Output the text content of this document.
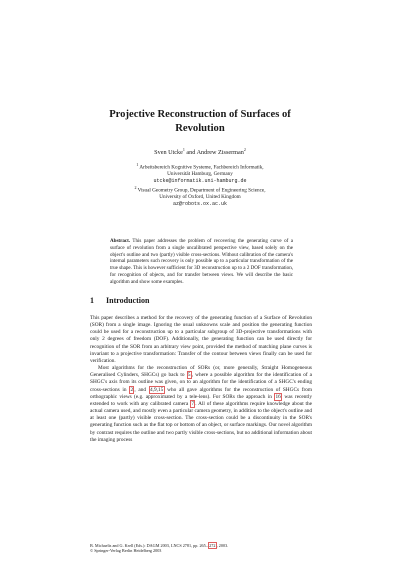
Projective Reconstruction of Surfaces of
Revolution
Sven Utcke$^1$ and Andrew Zisserman$^2$
$^1$ Arbeitsbereich Kognitive Systeme, Fachbereich Informatik,
Universität Hamburg, Germany
utcke@informatik.uni-hamburg.de
$^2$ Visual Geometry Group, Department of Engineering Science,
University of Oxford, United Kingdom
az@robots.ox.ac.uk
Abstract. This paper addresses the problem of recovering the generating curve of a surface of revolution from a single uncalibrated perspective view, based solely on the object's outline and two (partly) visible cross-sections. Without calibration of the camera's internal parameters such recovery is only possible up to a particular transformation of the true shape. This is however sufficient for 3D reconstruction up to a 2 DOF transformation, for recognition of objects, and for transfer between views. We will describe the basic algorithm and show some examples.
1 Introduction

This paper describes a method for the recovery of the generating function of a Surface of Revolution (SOR) from a single image. Ignoring the usual unknowns scale and position the generating function could be used for a reconstruction up to a particular subgroup of 3D-projective transformations with only 2 degrees of freedom (DOF). Additionally, the generating function can be used directly for recognition of the SOR from an arbitrary view point, provided the method of matching plane curves is invariant to a projective transformation: Transfer of the contour between views finally can be used for verification.

Most algorithms for the reconstruction of SORs (or, more generally, Straight Homogeneous Generalised Cylinders, SHGCs) go back to 5, where a possible algorithm for the identification of a SHGC's axis from its outline was given, on to an algorithm for the identification of a SHGC's ending cross-sections in 2, and 4,9,15 who all gave algorithms for the reconstruction of SHGCs from orthographic views (e.g. approximated by a tele-lens). For SORs the approach in 16 was recently extended to work with any calibrated camera 7. All of these algorithms require knowledge about the actual camera used, and mostly even a particular camera geometry, in addition to the object's outline and at least one (partly) visible cross-section. The cross-section could be a discontinuity in the SOR's generating function such as the flat top or bottom of an object, or surface markings. Our novel algorithm by contrast requires the outline and two partly visible cross-sections, but no additional information about the imaging process

B. Michaelis and G. Krell (Eds.): DAGM 2003, LNCS 2781, pp. 265–272, 2003.
© Springer-Verlag Berlin Heidelberg 2003
